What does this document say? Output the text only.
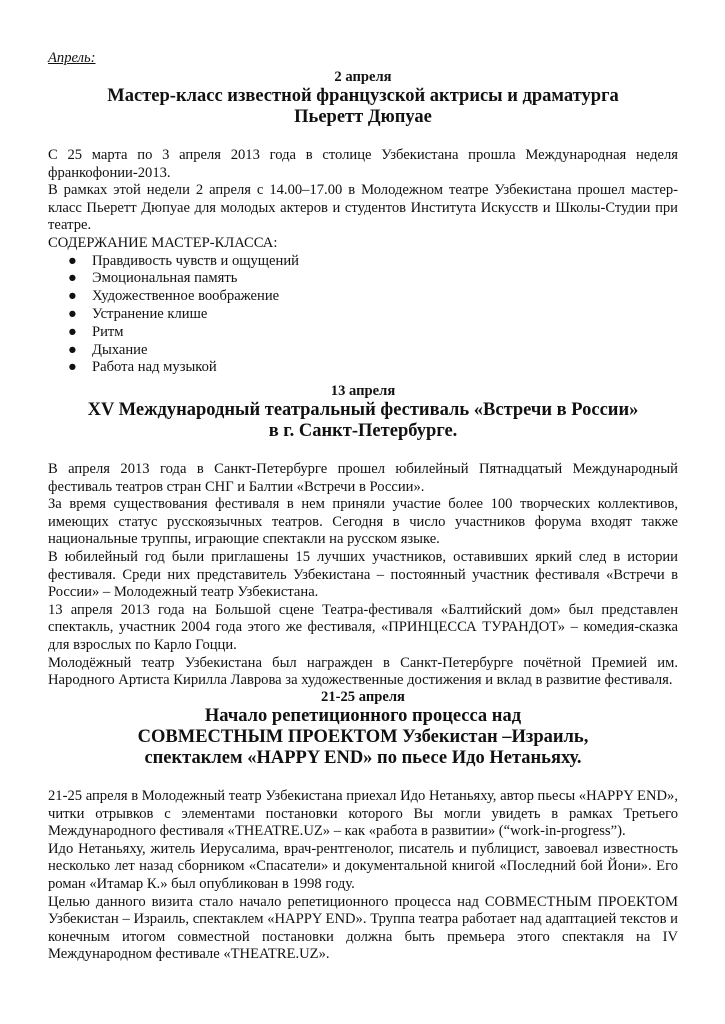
Апрель:

2 апреля

Мастер-класс известной французской актрисы и драматурга

Пьеретт Дюпуае

С 25 марта по 3 апреля 2013 года в столице Узбекистана прошла Международная неделя франкофонии-2013.

В рамках этой недели 2 апреля с 14.00–17.00 в Молодежном театре Узбекистана прошел мастер-класс Пьеретт Дюпуае для молодых актеров и студентов Института Искусств и Школы-Студии при театре.

СОДЕРЖАНИЕ МАСТЕР-КЛАССА:

● Правдивость чувств и ощущений
● Эмоциональная память
● Художественное воображение
● Устранение клише
● Ритм
● Дыхание
● Работа над музыкой

13 апреля

XV Международный театральный фестиваль «Встречи в России»

в г. Санкт-Петербурге.

В апреля 2013 года в Санкт-Петербурге прошел юбилейный Пятнадцатый Международный фестиваль театров стран СНГ и Балтии «Встречи в России».

За время существования фестиваля в нем приняли участие более 100 творческих коллективов, имеющих статус русскоязычных театров. Сегодня в число участников форума входят также национальные труппы, играющие спектакли на русском языке.

В юбилейный год были приглашены 15 лучших участников, оставивших яркий след в истории фестиваля. Среди них представитель Узбекистана – постоянный участник фестиваля «Встречи в России» – Молодежный театр Узбекистана.

13 апреля 2013 года на Большой сцене Театра-фестиваля «Балтийский дом» был представлен спектакль, участник 2004 года этого же фестиваля, «ПРИНЦЕССА ТУРАНДОТ» – комедия-сказка для взрослых по Карло Гоцци.

Молодёжный театр Узбекистана был награжден в Санкт-Петербурге почётной Премией им. Народного Артиста Кирилла Лаврова за художественные достижения и вклад в развитие фестиваля.

21-25 апреля

Начало репетиционного процесса над

СОВМЕСТНЫМ ПРОЕКТОМ Узбекистан –Израиль,

спектаклем «HAPPY END» по пьесе Идо Нетаньяху.

21-25 апреля в Молодежный театр Узбекистана приехал Идо Нетаньяху, автор пьесы «HAPPY END», читки отрывков с элементами постановки которого Вы могли увидеть в рамках Третьего Международного фестиваля «THEATRE.UZ» – как «работа в развитии» (“work-in-progress”).

Идо Нетаньяху, житель Иерусалима, врач-рентгенолог, писатель и публицист, завоевал известность несколько лет назад сборником «Спасатели» и документальной книгой «Последний бой Йони». Его роман «Итамар К.» был опубликован в 1998 году.

Целью данного визита стало начало репетиционного процесса над СОВМЕСТНЫМ ПРОЕКТОМ Узбекистан – Израиль, спектаклем «HAPPY END». Труппа театра работает над адаптацией текстов и конечным итогом совместной постановки должна быть премьера этого спектакля на IV Международном фестивале «THEATRE.UZ».
